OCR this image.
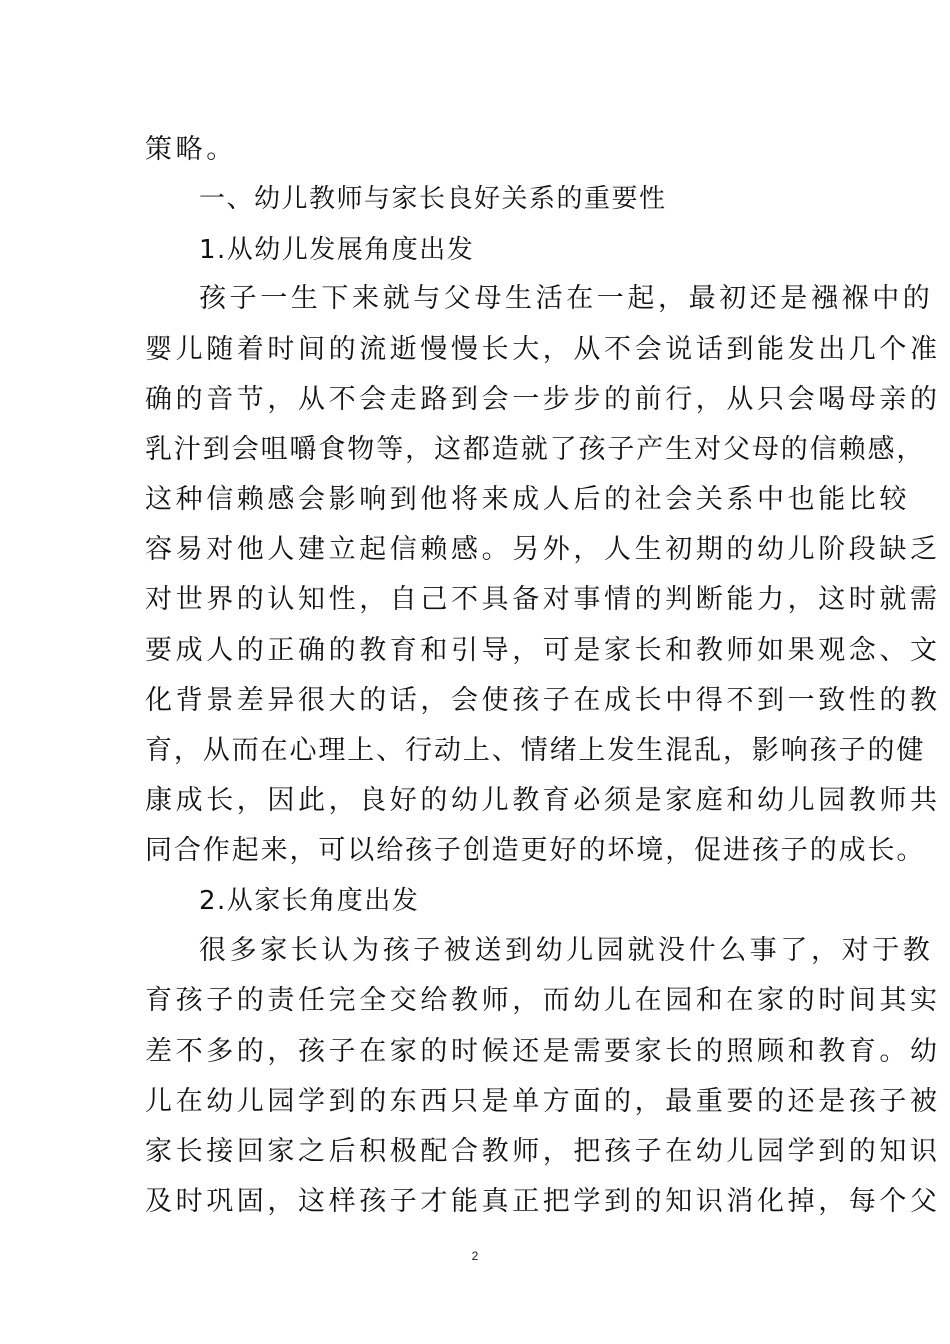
策略。
一、幼儿教师与家长良好关系的重要性
1.从幼儿发展角度出发
孩子一生下来就与父母生活在一起，最初还是襁褓中的
婴儿随着时间的流逝慢慢长大，从不会说话到能发出几个准
确的音节，从不会走路到会一步步的前行，从只会喝母亲的
乳汁到会咀嚼食物等，这都造就了孩子产生对父母的信赖感，
这种信赖感会影响到他将来成人后的社会关系中也能比较
容易对他人建立起信赖感。另外，人生初期的幼儿阶段缺乏
对世界的认知性，自己不具备对事情的判断能力，这时就需
要成人的正确的教育和引导，可是家长和教师如果观念、文
化背景差异很大的话，会使孩子在成长中得不到一致性的教
育，从而在心理上、行动上、情绪上发生混乱，影响孩子的健
康成长，因此，良好的幼儿教育必须是家庭和幼儿园教师共
同合作起来，可以给孩子创造更好的坏境，促进孩子的成长。
2.从家长角度出发
很多家长认为孩子被送到幼儿园就没什么事了，对于教
育孩子的责任完全交给教师，而幼儿在园和在家的时间其实
差不多的，孩子在家的时候还是需要家长的照顾和教育。幼
儿在幼儿园学到的东西只是单方面的，最重要的还是孩子被
家长接回家之后积极配合教师，把孩子在幼儿园学到的知识
及时巩固，这样孩子才能真正把学到的知识消化掉，每个父
2
